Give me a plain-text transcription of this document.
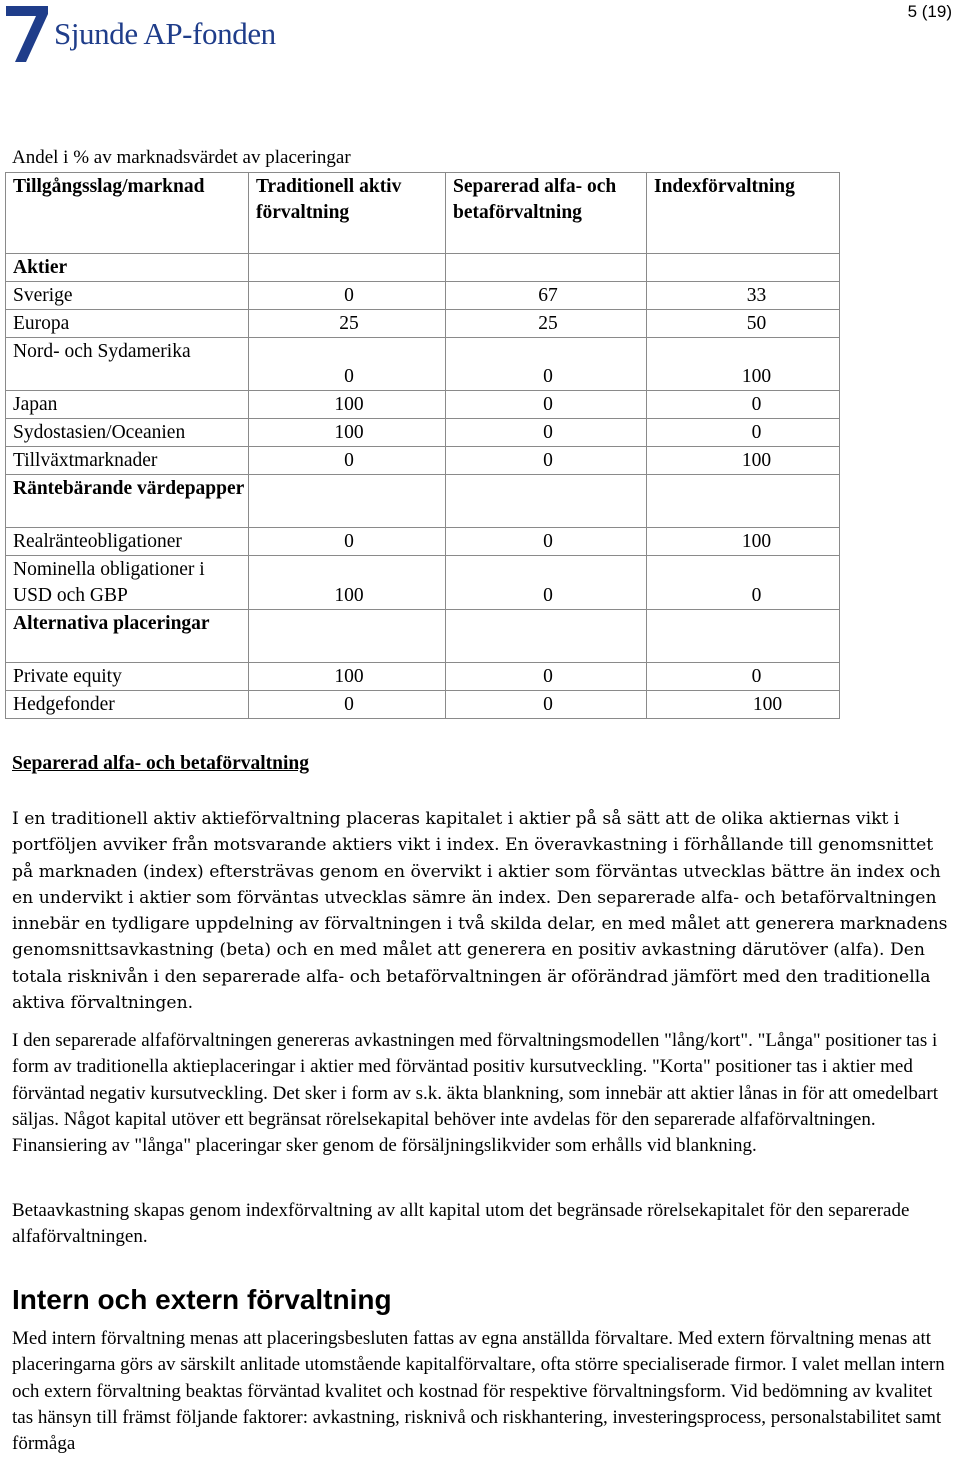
Sjunde AP-fonden
5 (19)
Andel i % av marknadsvärdet av placeringar
Tillgångsslag/marknad	Traditionell aktiv förvaltning	Separerad alfa- och betaförvaltning	Indexförvaltning
Aktier			
Sverige	0	67	33
Europa	25	25	50
Nord- och Sydamerika	0	0	100
Japan	100	0	0
Sydostasien/Oceanien	100	0	0
Tillväxtmarknader	0	0	100
Räntebärande värdepapper			
Realränteobligationer	0	0	100
Nominella obligationer i USD och GBP	100	0	0
Alternativa placeringar			
Private equity	100	0	0
Hedgefonder	0	0	100
Separerad alfa- och betaförvaltning

I en traditionell aktiv aktieförvaltning placeras kapitalet i aktier på så sätt att de olika aktiernas vikt i portföljen avviker från motsvarande aktiers vikt i index. En överavkastning i förhållande till genomsnittet på marknaden (index) eftersträvas genom en övervikt i aktier som förväntas utvecklas bättre än index och en undervikt i aktier som förväntas utvecklas sämre än index. Den separerade alfa- och betaförvaltningen innebär en tydligare uppdelning av förvaltningen i två skilda delar, en med målet att generera marknadens genomsnittsavkastning (beta) och en med målet att generera en positiv avkastning därutöver (alfa). Den totala risknivån i den separerade alfa- och betaförvaltningen är oförändrad jämfört med den traditionella aktiva förvaltningen.

I den separerade alfaförvaltningen genereras avkastningen med förvaltningsmodellen "lång/kort". "Långa" positioner tas i form av traditionella aktieplaceringar i aktier med förväntad positiv kursutveckling. "Korta" positioner tas i aktier med förväntad negativ kursutveckling. Det sker i form av s.k. äkta blankning, som innebär att aktier lånas in för att omedelbart säljas. Något kapital utöver ett begränsat rörelsekapital behöver inte avdelas för den separerade alfaförvaltningen. Finansiering av "långa" placeringar sker genom de försäljningslikvider som erhålls vid blankning.

Betaavkastning skapas genom indexförvaltning av allt kapital utom det begränsade rörelsekapitalet för den separerade alfaförvaltningen.

Intern och extern förvaltning

Med intern förvaltning menas att placeringsbesluten fattas av egna anställda förvaltare. Med extern förvaltning menas att placeringarna görs av särskilt anlitade utomstående kapitalförvaltare, ofta större specialiserade firmor. I valet mellan intern och extern förvaltning beaktas förväntad kvalitet och kostnad för respektive förvaltningsform. Vid bedömning av kvalitet tas hänsyn till främst följande faktorer: avkastning, risknivå och riskhantering, investeringsprocess, personalstabilitet samt förmåga
